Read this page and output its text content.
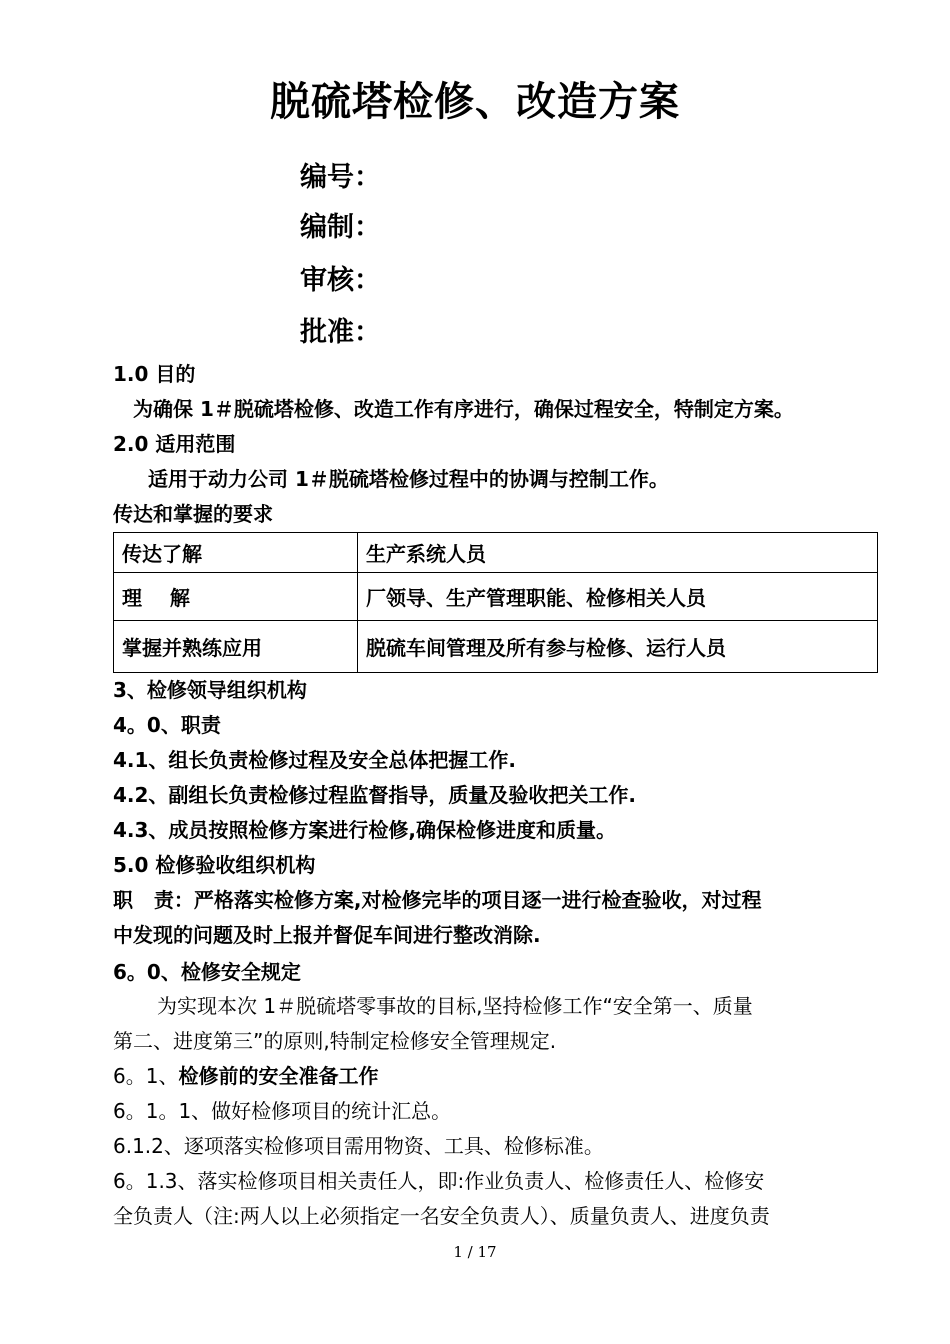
脱硫塔检修、改造方案
编号：
编制：
审核：
批准：
1.0 目的
为确保 1＃脱硫塔检修、改造工作有序进行，确保过程安全，特制定方案。
2.0 适用范围
适用于动力公司 1＃脱硫塔检修过程中的协调与控制工作。
传达和掌握的要求
传达了解	生产系统人员
理    解	厂领导、生产管理职能、检修相关人员
掌握并熟练应用	脱硫车间管理及所有参与检修、运行人员
3、检修领导组织机构
4。0、职责
4.1、组长负责检修过程及安全总体把握工作.
4.2、副组长负责检修过程监督指导，质量及验收把关工作.
4.3、成员按照检修方案进行检修,确保检修进度和质量。
5.0 检修验收组织机构
职   责：严格落实检修方案,对检修完毕的项目逐一进行检查验收，对过程
中发现的问题及时上报并督促车间进行整改消除.
6。0、检修安全规定
为实现本次 1＃脱硫塔零事故的目标,坚持检修工作“安全第一、质量
第二、进度第三”的原则,特制定检修安全管理规定.
6。1、检修前的安全准备工作
6。1。1、做好检修项目的统计汇总。
6.1.2、逐项落实检修项目需用物资、工具、检修标准。
6。1.3、落实检修项目相关责任人，即:作业负责人、检修责任人、检修安
全负责人（注:两人以上必须指定一名安全负责人）、质量负责人、进度负责
1 / 17
